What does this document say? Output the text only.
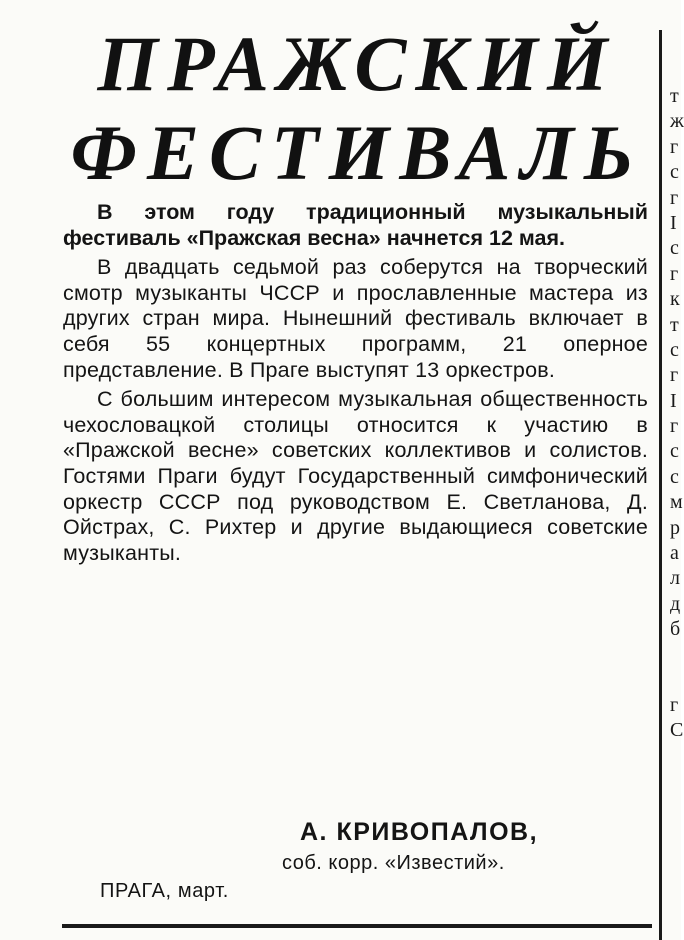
ПРАЖСКИЙ
ФЕСТИВАЛЬ

В этом году традиционный музыкальный фестиваль «Пражская весна» начнется 12 мая.

В двадцать седьмой раз соберутся на творческий смотр музыканты ЧССР и прославленные мастера из других стран мира. Нынешний фестиваль включает в себя 55 концертных программ, 21 оперное представление. В Праге выступят 13 оркестров.

С большим интересом музыкальная общественность чехословацкой столицы относится к участию в «Пражской весне» советских коллективов и солистов. Гостями Праги будут Государственный симфонический оркестр СССР под руководством Е. Светланова, Д. Ойстрах, С. Рихтер и другие выдающиеся советские музыканты.

А. КРИВОПАЛОВ,
соб. корр. «Известий».
ПРАГА, март.
т
ж
г
с
г
I
с
г
к
т
с
г
I
г
с
с
м
р
а
л
д
б
г
С
